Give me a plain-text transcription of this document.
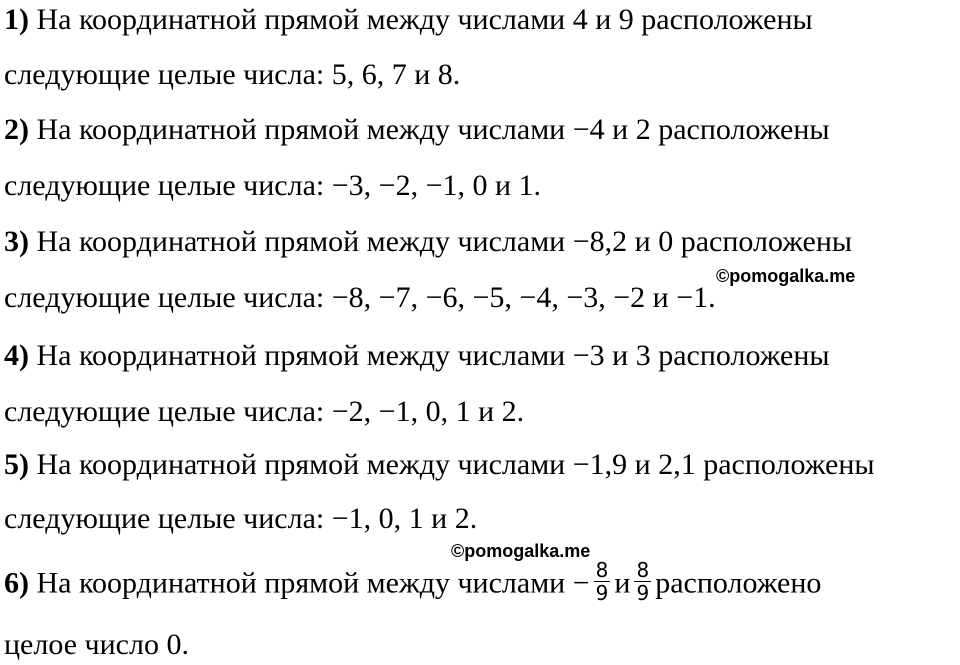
1) На координатной прямой между числами 4 и 9 расположены
следующие целые числа: 5, 6, 7 и 8.
2) На координатной прямой между числами −4 и 2 расположены
следующие целые числа: −3, −2, −1, 0 и 1.
3) На координатной прямой между числами −8,2 и 0 расположены
следующие целые числа: −8, −7, −6, −5, −4, −3, −2 и −1.
©pomogalka.me
4) На координатной прямой между числами −3 и 3 расположены
следующие целые числа: −2, −1, 0, 1 и 2.
5) На координатной прямой между числами −1,9 и 2,1 расположены
следующие целые числа: −1, 0, 1 и 2.
©pomogalka.me
6) На координатной прямой между числами − $\frac{8}{9}$ и $\frac{8}{9}$ расположено
целое число 0.
